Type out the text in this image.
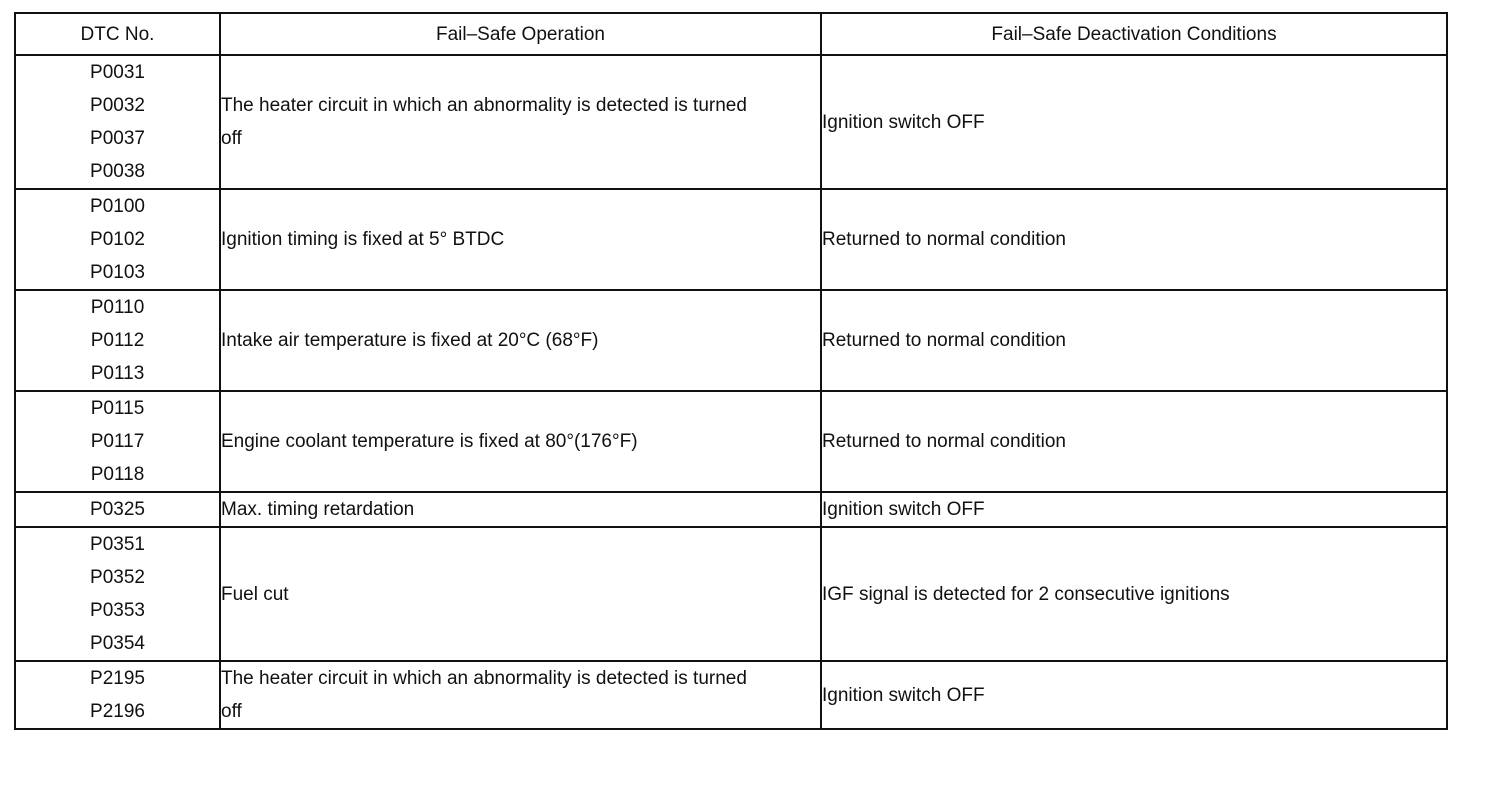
DTC No.	Fail–Safe Operation	Fail–Safe Deactivation Conditions

P0031
P0032
P0037
P0038	The heater circuit in which an abnormality is detected is turned off	Ignition switch OFF

P0100
P0102
P0103	Ignition timing is fixed at 5° BTDC	Returned to normal condition

P0110
P0112
P0113	Intake air temperature is fixed at 20°C (68°F)	Returned to normal condition

P0115
P0117
P0118	Engine coolant temperature is fixed at 80°(176°F)	Returned to normal condition

P0325	Max. timing retardation	Ignition switch OFF

P0351
P0352
P0353
P0354	Fuel cut	IGF signal is detected for 2 consecutive ignitions

P2195
P2196	The heater circuit in which an abnormality is detected is turned off	Ignition switch OFF
